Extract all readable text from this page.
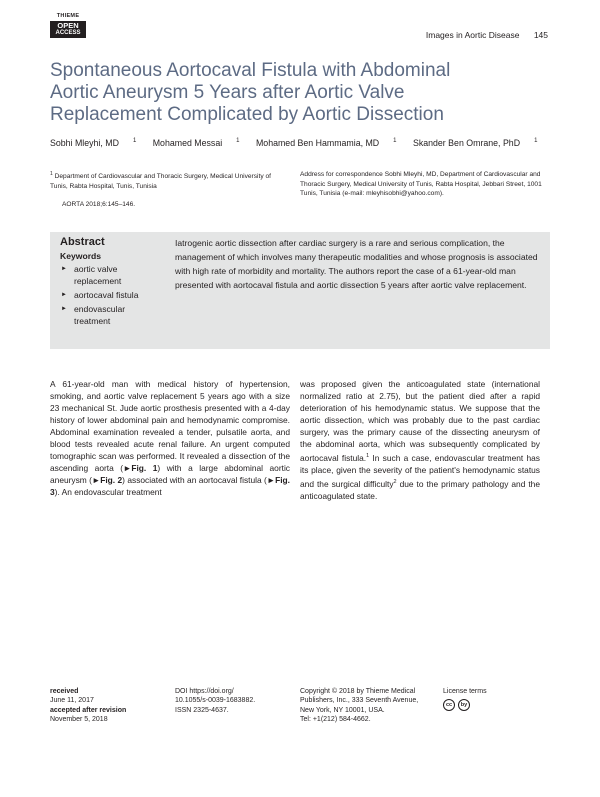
THIEME
OPEN
ACCESS	Images in Aortic Disease 145
Spontaneous Aortocaval Fistula with Abdominal
Aortic Aneurysm 5 Years after Aortic Valve
Replacement Complicated by Aortic Dissection
Sobhi Mleyhi, MD $^1$ Mohamed Messai $^1$ Mohamed Ben Hammamia, MD $^1$ Skander Ben Omrane, PhD $^1$
$^1$ Department of Cardiovascular and Thoracic Surgery, Medical University of Tunis, Rabta Hospital, Tunis, Tunisia
AORTA 2018;6:145–146.
Address for correspondence Sobhi Mleyhi, MD, Department of Cardiovascular and Thoracic Surgery, Medical University of Tunis, Rabta Hospital, Jebbari Street, 1001 Tunis, Tunisia (e-mail: mleyhisobhi@yahoo.com).
Abstract
Keywords
► aortic valve replacement
► aortocaval fistula
► endovascular treatment
Iatrogenic aortic dissection after cardiac surgery is a rare and serious complication, the management of which involves many therapeutic modalities and whose prognosis is associated with high rate of morbidity and mortality. The authors report the case of a 61-year-old man presented with aortocaval fistula and aortic dissection 5 years after aortic valve replacement.
A 61-year-old man with medical history of hypertension, smoking, and aortic valve replacement 5 years ago with a size 23 mechanical St. Jude aortic prosthesis presented with a 4-day history of lower abdominal pain and hemodynamic compromise. Abdominal examination revealed a tender, pulsatile aorta, and blood tests revealed acute renal failure. An urgent computed tomographic scan was performed. It revealed a dissection of the ascending aorta (►Fig. 1) with a large abdominal aortic aneurysm (►Fig. 2) associated with an aortocaval fistula (►Fig. 3). An endovascular treatment
was proposed given the anticoagulated state (international normalized ratio at 2.75), but the patient died after a rapid deterioration of his hemodynamic status. We suppose that the aortic dissection, which was probably due to the past cardiac surgery, was the primary cause of the dissecting aneurysm of the abdominal aorta, which was subsequently complicated by aortocaval fistula.$^1$ In such a case, endovascular treatment has its place, given the severity of the patient's hemodynamic status and the surgical difficulty$^2$ due to the primary pathology and the anticoagulated state.
received
June 11, 2017
accepted after revision
November 5, 2018
DOI https://doi.org/
10.1055/s-0039-1683882.
ISSN 2325-4637.
Copyright © 2018 by Thieme Medical
Publishers, Inc., 333 Seventh Avenue,
New York, NY 10001, USA.
Tel: +1(212) 584-4662.
License terms
cc	by
